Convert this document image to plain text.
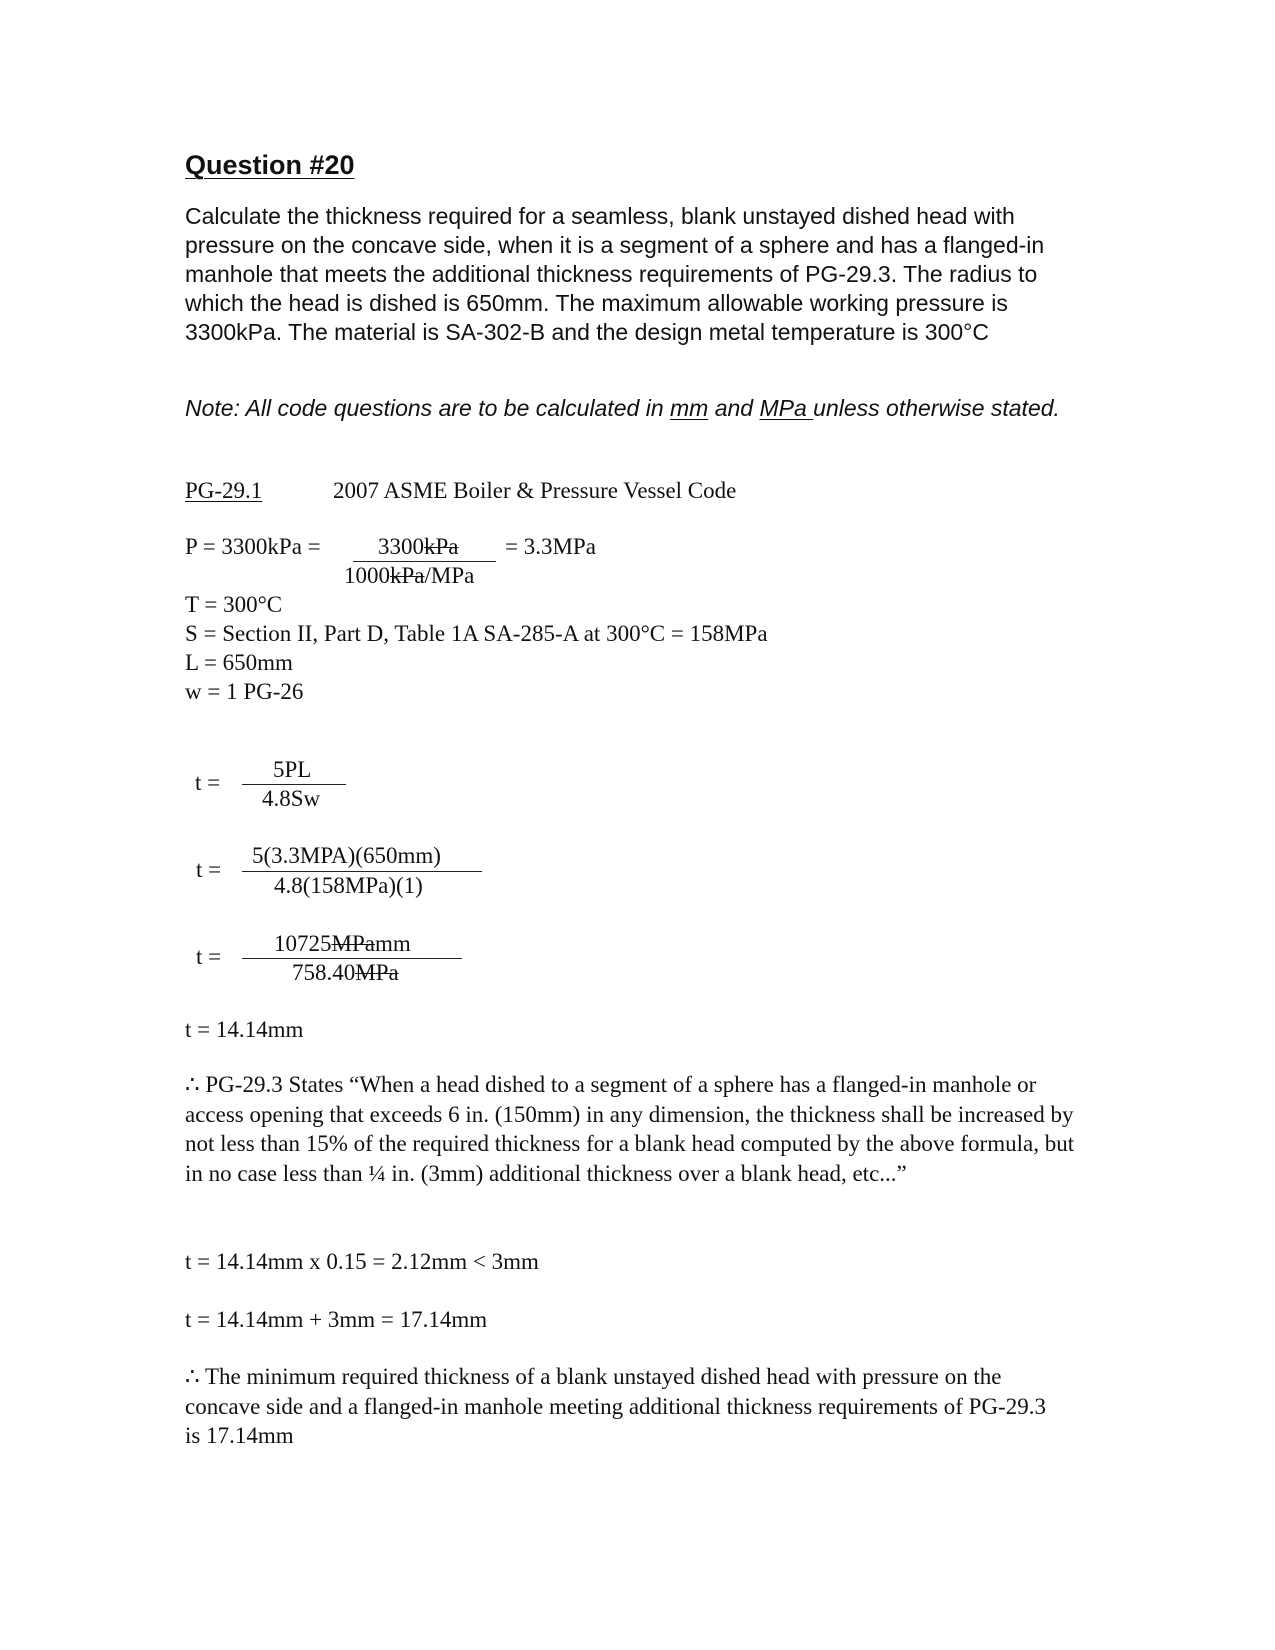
Question #20
Calculate the thickness required for a seamless, blank unstayed dished head with pressure on the concave side, when it is a segment of a sphere and has a flanged-in manhole that meets the additional thickness requirements of PG-29.3. The radius to which the head is dished is 650mm. The maximum allowable working pressure is 3300kPa. The material is SA-302-B and the design metal temperature is 300°C
Note: All code questions are to be calculated in mm and MPa unless otherwise stated.
PG-29.1	2007 ASME Boiler & Pressure Vessel Code
P = 3300kPa = 3300kPa = 3.3MPa
1000kPa/MPa
T = 300°C
S = Section II, Part D, Table 1A SA-285-A at 300°C = 158MPa
L = 650mm
w = 1 PG-26
t =
5PL
4.8Sw
t =
5(3.3MPA)(650mm)
4.8(158MPa)(1)
t =
10725MPamm
758.40MPa
t = 14.14mm
∴ PG-29.3 States “When a head dished to a segment of a sphere has a flanged-in manhole or access opening that exceeds 6 in. (150mm) in any dimension, the thickness shall be increased by not less than 15% of the required thickness for a blank head computed by the above formula, but in no case less than ¼ in. (3mm) additional thickness over a blank head, etc...”
t = 14.14mm x 0.15 = 2.12mm < 3mm
t = 14.14mm + 3mm = 17.14mm
∴ The minimum required thickness of a blank unstayed dished head with pressure on the concave side and a flanged-in manhole meeting additional thickness requirements of PG-29.3 is 17.14mm
